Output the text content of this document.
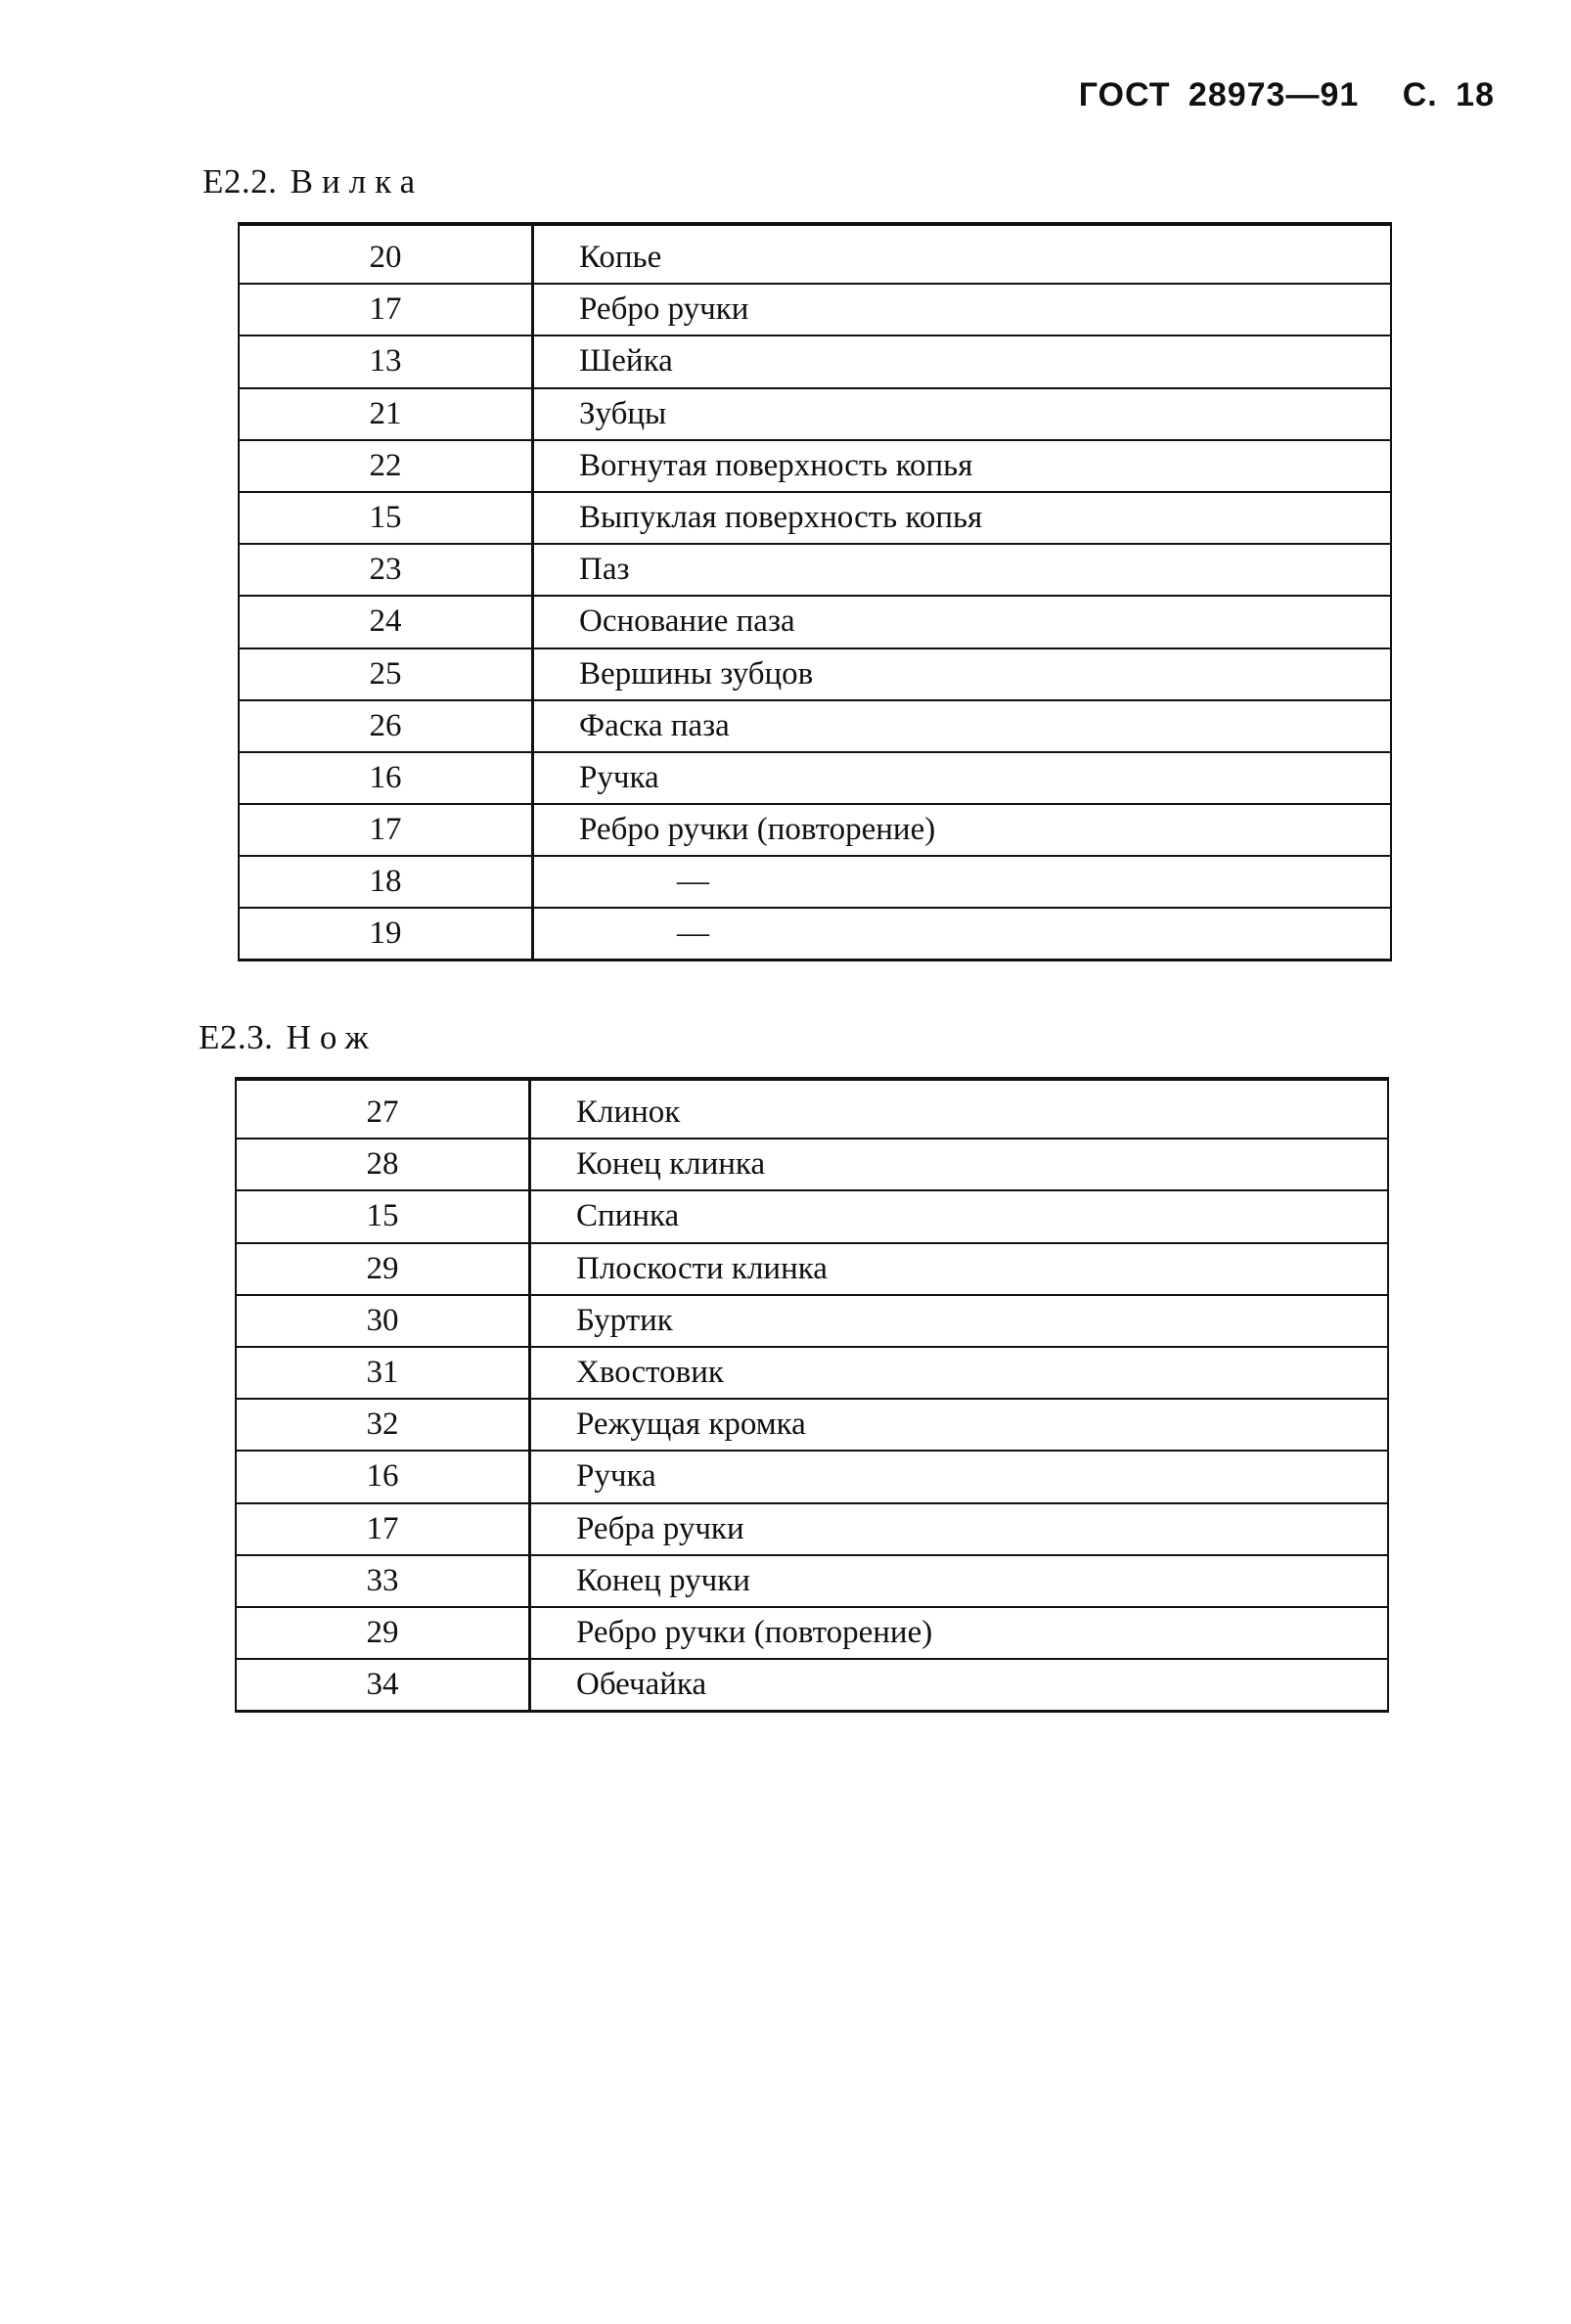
ГОСТ 28973—91 С. 18
Е2.2. Вилка

20	Копье
17	Ребро ручки
13	Шейка
21	Зубцы
22	Вогнутая поверхность копья
15	Выпуклая поверхность копья
23	Паз
24	Основание паза
25	Вершины зубцов
26	Фаска паза
16	Ручка
17	Ребро ручки (повторение)
18	—
19	—
Е2.3. Нож

27	Клинок
28	Конец клинка
15	Спинка
29	Плоскости клинка
30	Буртик
31	Хвостовик
32	Режущая кромка
16	Ручка
17	Ребра ручки
33	Конец ручки
29	Ребро ручки (повторение)
34	Обечайка
